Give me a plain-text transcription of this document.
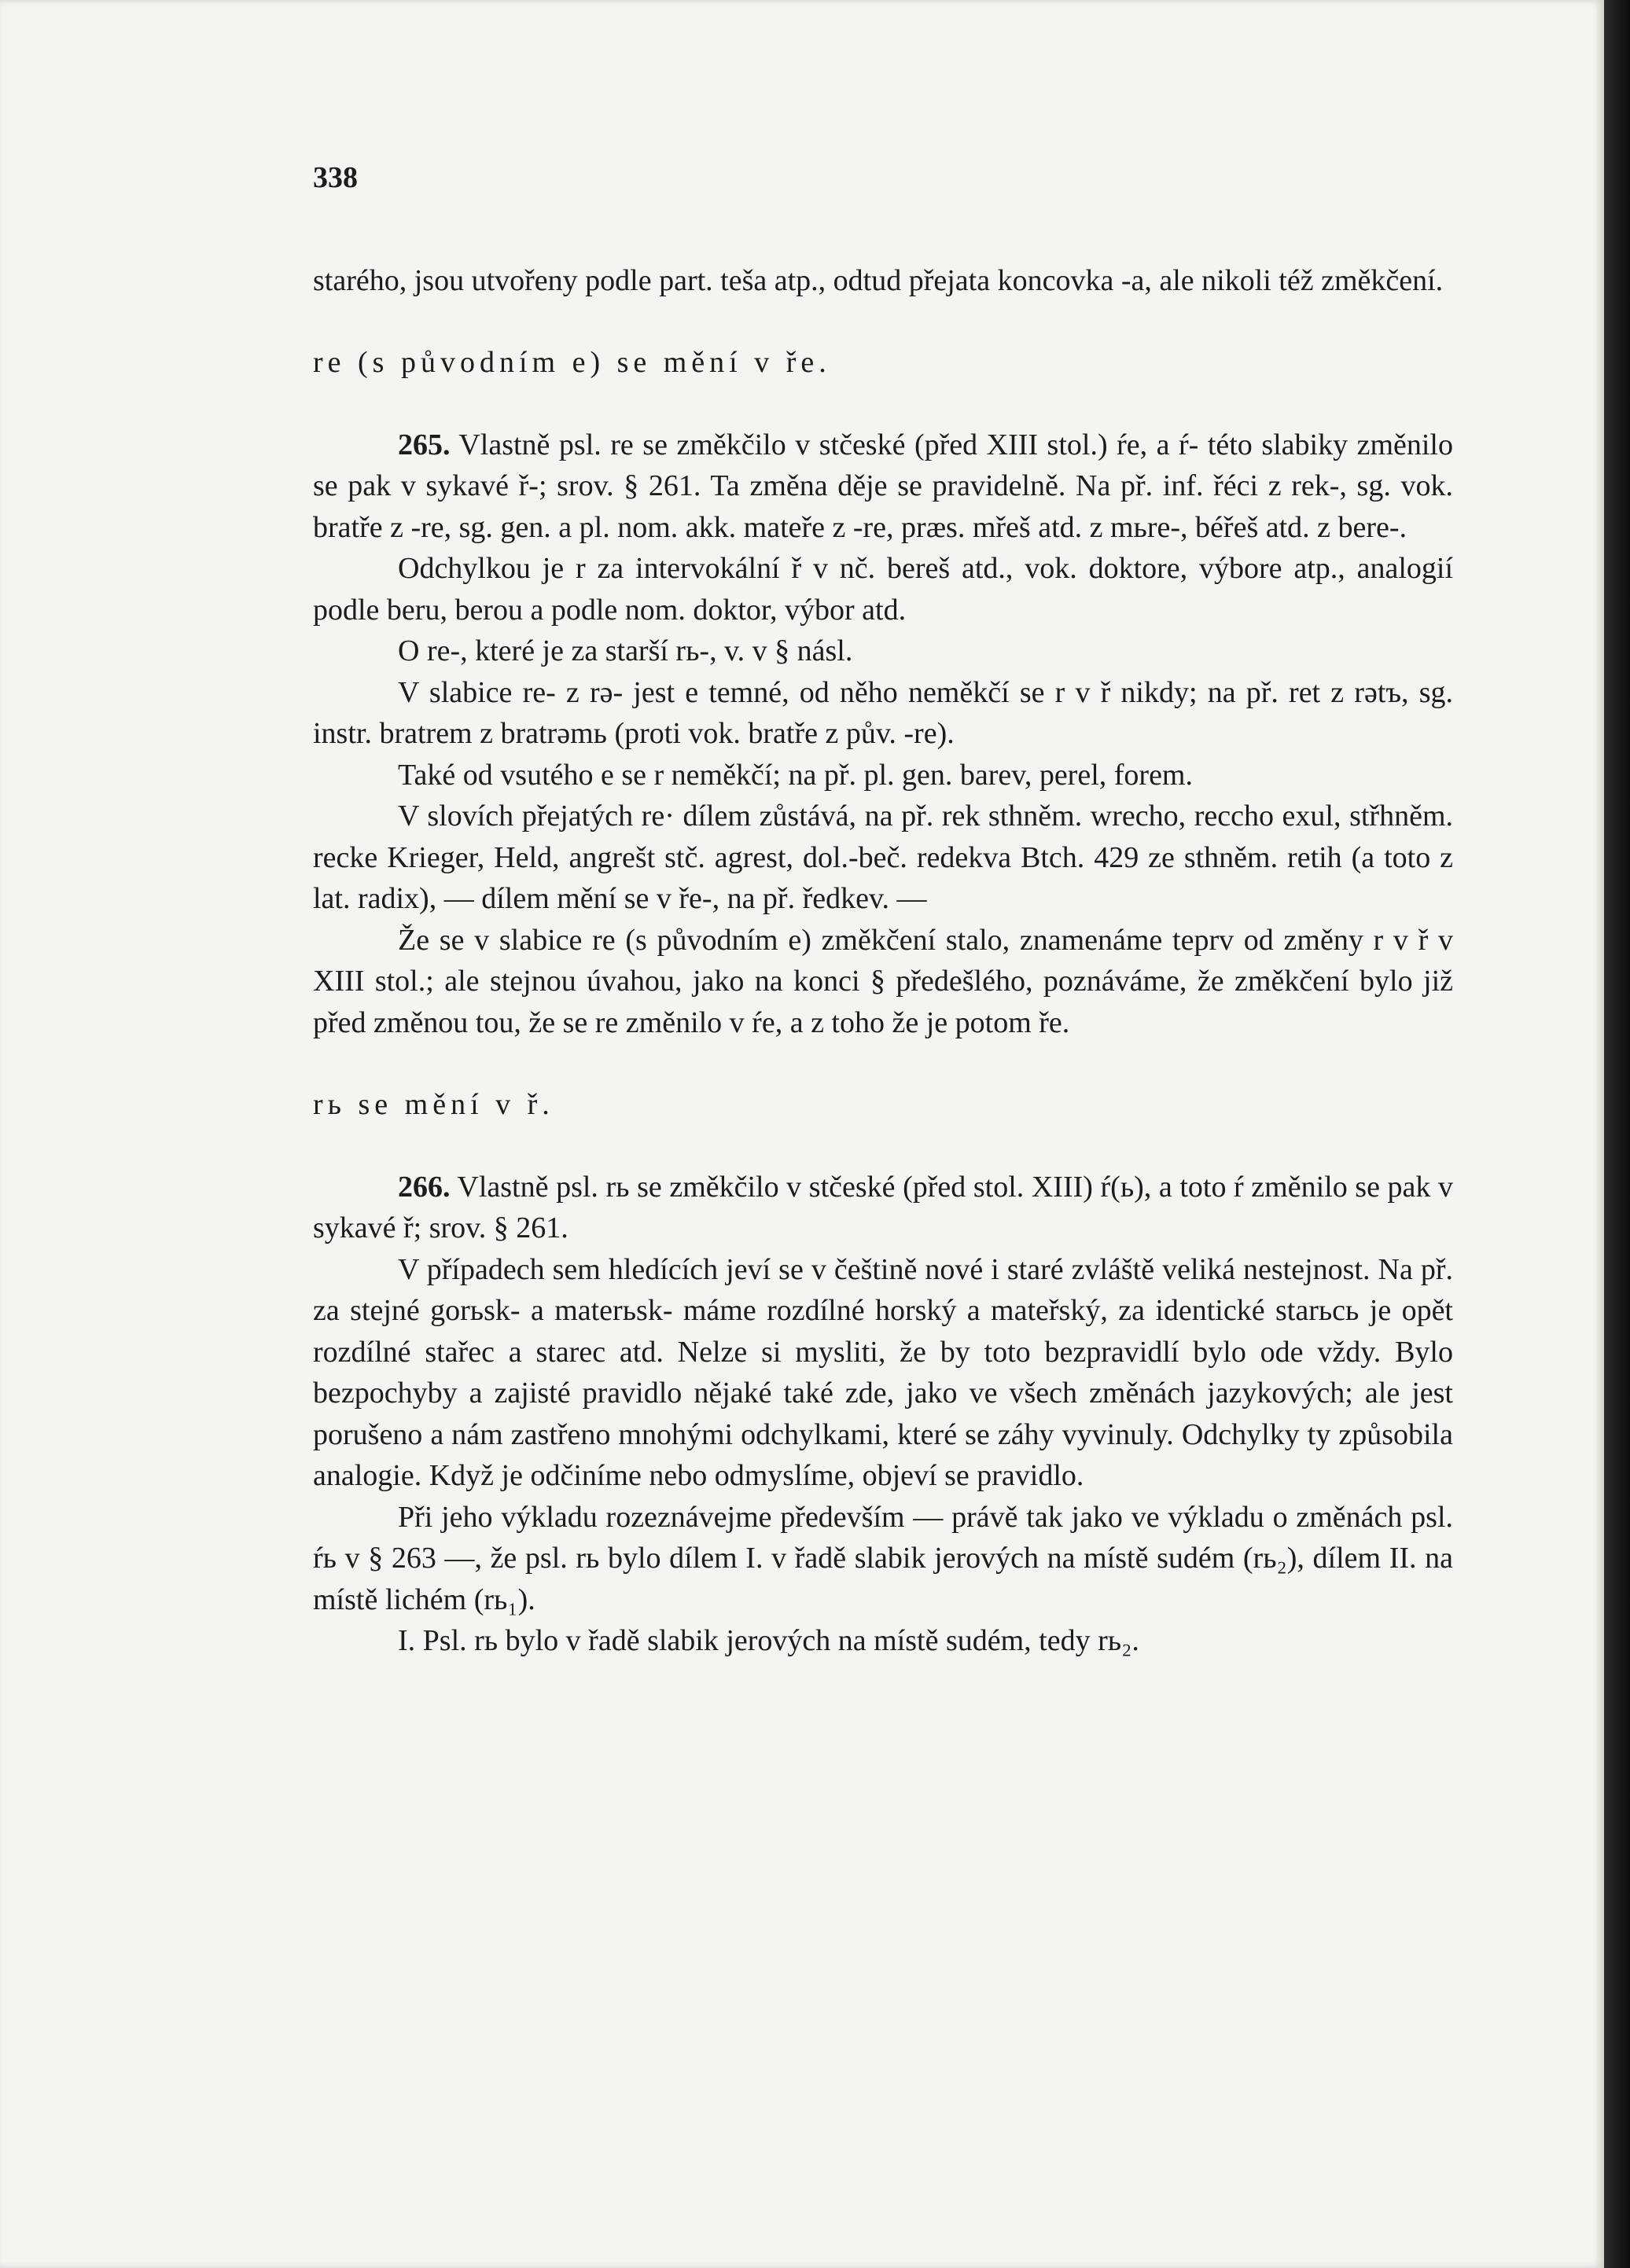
338

starého, jsou utvořeny podle part. teša atp., odtud přejata koncovka -a, ale nikoli též změkčení.

re (s původním e) se mění v ře.

265. Vlastně psl. re se změkčilo v stčeské (před XIII stol.) ŕe, a ŕ- této slabiky změnilo se pak v sykavé ř-; srov. § 261. Ta změna děje se pravidelně. Na př. inf. řéci z rek-, sg. vok. bratře z -re, sg. gen. a pl. nom. akk. mateře z -re, præs. mřeš atd. z mьre-, béřeš atd. z bere-.

Odchylkou je r za intervokální ř v nč. bereš atd., vok. doktore, výbore atp., analogií podle beru, berou a podle nom. doktor, výbor atd.

O re-, které je za starší rь-, v. v § násl.

V slabice re- z rə- jest e temné, od něho neměkčí se r v ř nikdy; na př. ret z rətъ, sg. instr. bratrem z bratrəmь (proti vok. bratře z pův. -re).

Také od vsutého e se r neměkčí; na př. pl. gen. barev, perel, forem.

V slovích přejatých re· dílem zůstává, na př. rek sthněm. wrecho, reccho exul, střhněm. recke Krieger, Held, angrešt stč. agrest, dol.-beč. redekva Btch. 429 ze sthněm. retih (a toto z lat. radix), — dílem mění se v ře-, na př. ředkev. —

Že se v slabice re (s původním e) změkčení stalo, znamenáme teprv od změny r v ř v XIII stol.; ale stejnou úvahou, jako na konci § předešlého, poznáváme, že změkčení bylo již před změnou tou, že se re změnilo v ŕe, a z toho že je potom ře.

rь se mění v ř.

266. Vlastně psl. rь se změkčilo v stčeské (před stol. XIII) ŕ(ь), a toto ŕ změnilo se pak v sykavé ř; srov. § 261.

V případech sem hledících jeví se v češtině nové i staré zvláště veliká nestejnost. Na př. za stejné gorьsk- a materьsk- máme rozdílné horský a mateřský, za identické starьсь je opět rozdílné stařec a starec atd. Nelze si mysliti, že by toto bezpravidlí bylo ode vždy. Bylo bezpochyby a zajisté pravidlo nějaké také zde, jako ve všech změnách jazykových; ale jest porušeno a nám zastřeno mnohými odchylkami, které se záhy vyvinuly. Odchylky ty způsobila analogie. Když je odčiníme nebo odmyslíme, objeví se pravidlo.

Při jeho výkladu rozeznávejme především — právě tak jako ve výkladu o změnách psl. ŕь v § 263 —, že psl. rь bylo dílem I. v řadě slabik jerových na místě sudém (rь₂), dílem II. na místě lichém (rь₁).

I. Psl. rь bylo v řadě slabik jerových na místě sudém, tedy rь₂.
